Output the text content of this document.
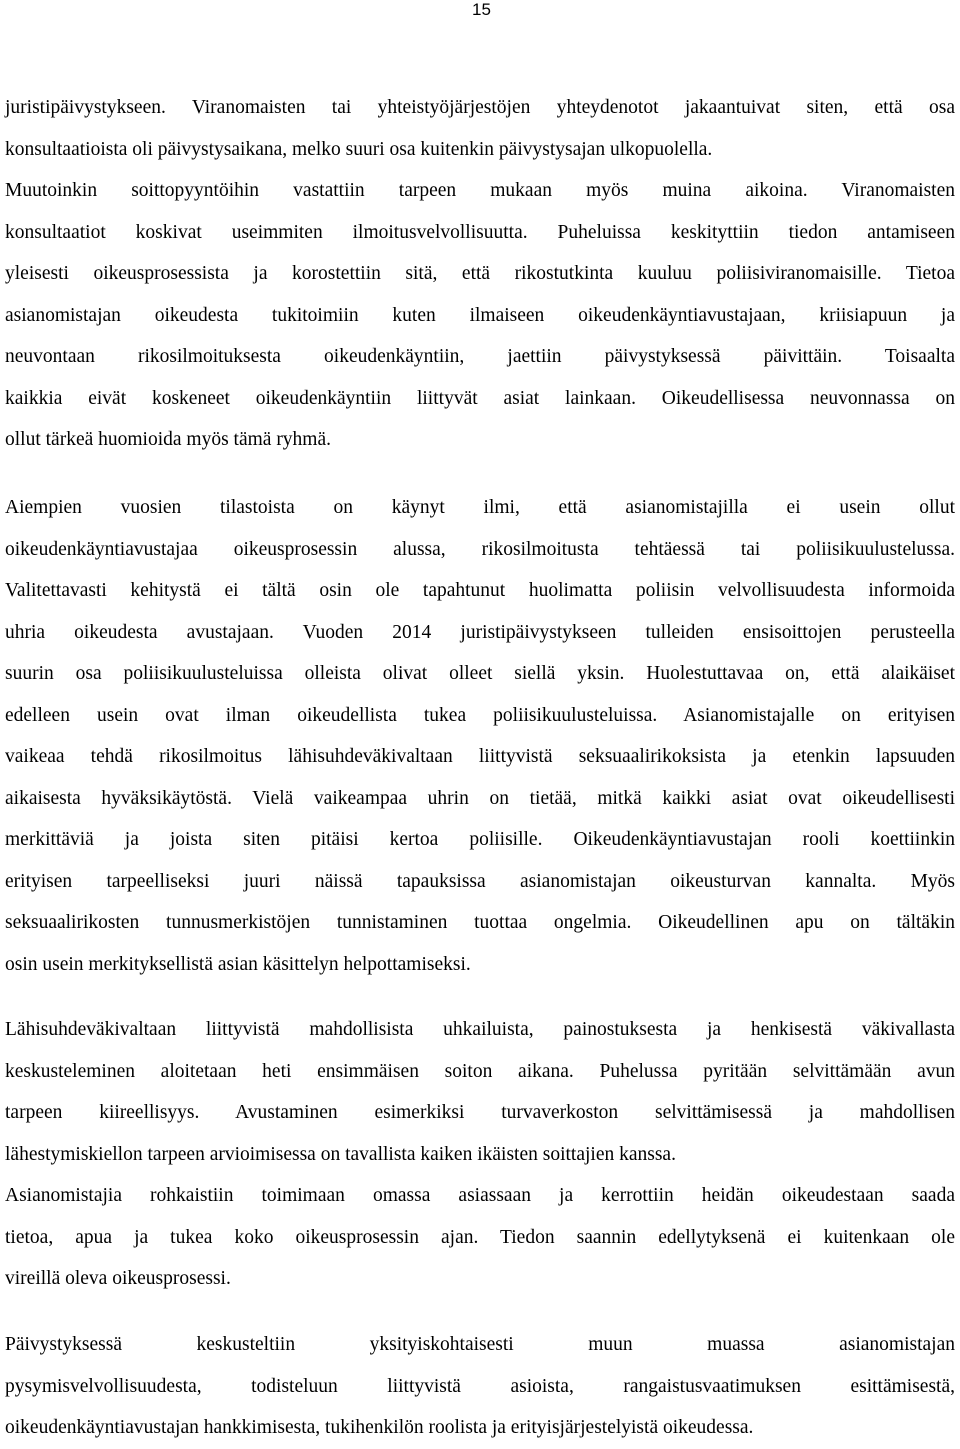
15
juristipäivystykseen. Viranomaisten tai yhteistyöjärjestöjen yhteydenotot jakaantuivat siten, että osa
konsultaatioista oli päivystysaikana, melko suuri osa kuitenkin päivystysajan ulkopuolella.
Muutoinkin soittopyyntöihin vastattiin tarpeen mukaan myös muina aikoina. Viranomaisten
konsultaatiot koskivat useimmiten ilmoitusvelvollisuutta. Puheluissa keskityttiin tiedon antamiseen
yleisesti oikeusprosessista ja korostettiin sitä, että rikostutkinta kuuluu poliisiviranomaisille. Tietoa
asianomistajan oikeudesta tukitoimiin kuten ilmaiseen oikeudenkäyntiavustajaan, kriisiapuun ja
neuvontaan rikosilmoituksesta oikeudenkäyntiin, jaettiin päivystyksessä päivittäin. Toisaalta
kaikkia eivät koskeneet oikeudenkäyntiin liittyvät asiat lainkaan. Oikeudellisessa neuvonnassa on
ollut tärkeä huomioida myös tämä ryhmä.
Aiempien vuosien tilastoista on käynyt ilmi, että asianomistajilla ei usein ollut
oikeudenkäyntiavustajaa oikeusprosessin alussa, rikosilmoitusta tehtäessä tai poliisikuulustelussa.
Valitettavasti kehitystä ei tältä osin ole tapahtunut huolimatta poliisin velvollisuudesta informoida
uhria oikeudesta avustajaan. Vuoden 2014 juristipäivystykseen tulleiden ensisoittojen perusteella
suurin osa poliisikuulusteluissa olleista olivat olleet siellä yksin. Huolestuttavaa on, että alaikäiset
edelleen usein ovat ilman oikeudellista tukea poliisikuulusteluissa. Asianomistajalle on erityisen
vaikeaa tehdä rikosilmoitus lähisuhdeväkivaltaan liittyvistä seksuaalirikoksista ja etenkin lapsuuden
aikaisesta hyväksikäytöstä. Vielä vaikeampaa uhrin on tietää, mitkä kaikki asiat ovat oikeudellisesti
merkittäviä ja joista siten pitäisi kertoa poliisille. Oikeudenkäyntiavustajan rooli koettiinkin
erityisen tarpeelliseksi juuri näissä tapauksissa asianomistajan oikeusturvan kannalta. Myös
seksuaalirikosten tunnusmerkistöjen tunnistaminen tuottaa ongelmia. Oikeudellinen apu on tältäkin
osin usein merkityksellistä asian käsittelyn helpottamiseksi.
Lähisuhdeväkivaltaan liittyvistä mahdollisista uhkailuista, painostuksesta ja henkisestä väkivallasta
keskusteleminen aloitetaan heti ensimmäisen soiton aikana. Puhelussa pyritään selvittämään avun
tarpeen kiireellisyys. Avustaminen esimerkiksi turvaverkoston selvittämisessä ja mahdollisen
lähestymiskiellon tarpeen arvioimisessa on tavallista kaiken ikäisten soittajien kanssa.
Asianomistajia rohkaistiin toimimaan omassa asiassaan ja kerrottiin heidän oikeudestaan saada
tietoa, apua ja tukea koko oikeusprosessin ajan. Tiedon saannin edellytyksenä ei kuitenkaan ole
vireillä oleva oikeusprosessi.
Päivystyksessä keskusteltiin yksityiskohtaisesti muun muassa asianomistajan
pysymisvelvollisuudesta, todisteluun liittyvistä asioista, rangaistusvaatimuksen esittämisestä,
oikeudenkäyntiavustajan hankkimisesta, tukihenkilön roolista ja erityisjärjestelyistä oikeudessa.
